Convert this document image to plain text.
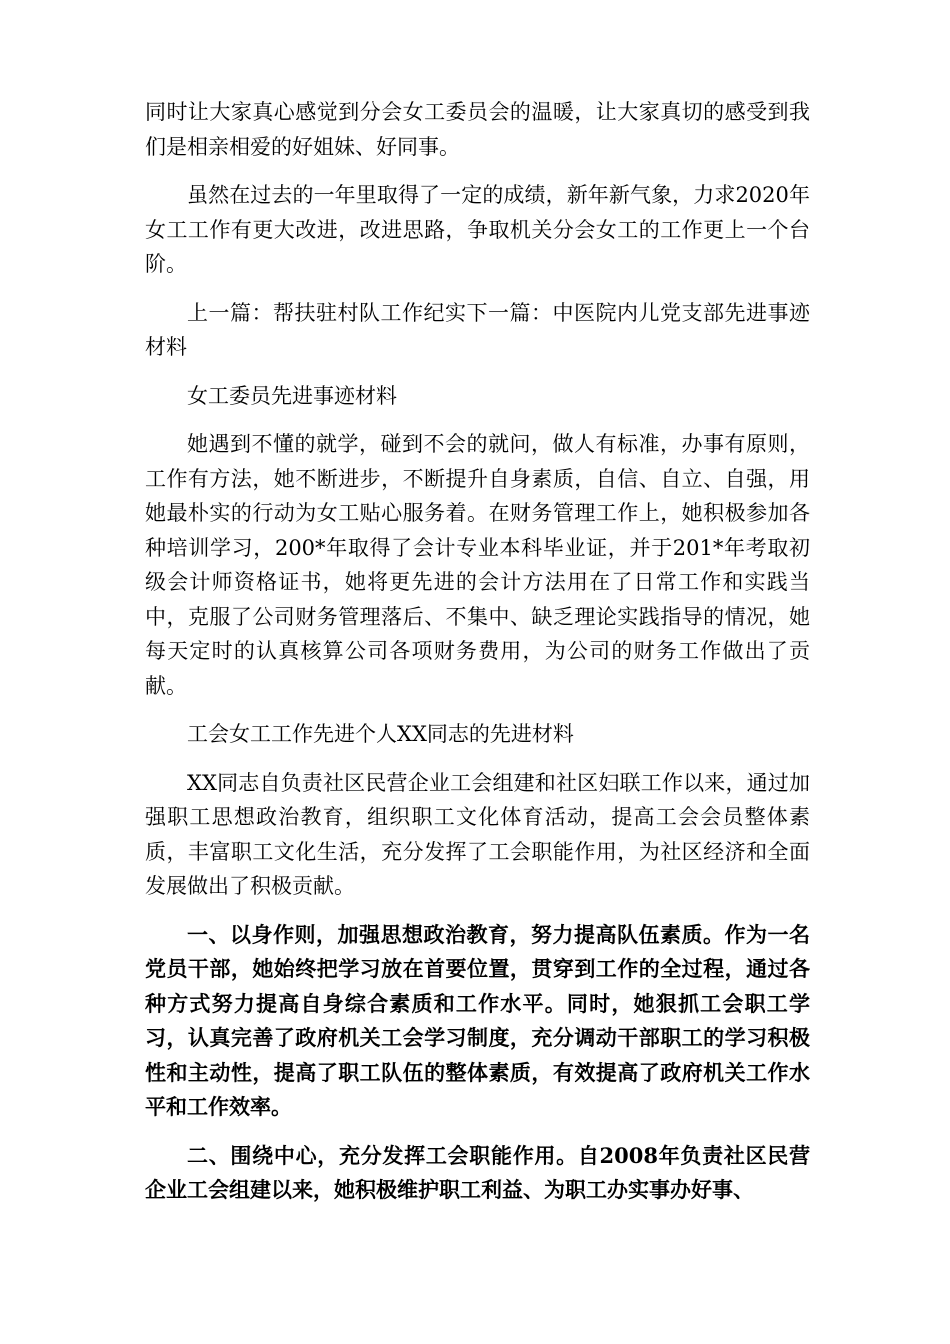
同时让大家真心感觉到分会女工委员会的温暖，让大家真切的感受到我们是相亲相爱的好姐妹、好同事。

虽然在过去的一年里取得了一定的成绩，新年新气象，力求2020年女工工作有更大改进，改进思路，争取机关分会女工的工作更上一个台阶。

上一篇：帮扶驻村队工作纪实下一篇：中医院内儿党支部先进事迹材料

女工委员先进事迹材料

她遇到不懂的就学，碰到不会的就问，做人有标准，办事有原则，工作有方法，她不断进步，不断提升自身素质，自信、自立、自强，用她最朴实的行动为女工贴心服务着。在财务管理工作上，她积极参加各种培训学习，200*年取得了会计专业本科毕业证，并于201*年考取初级会计师资格证书，她将更先进的会计方法用在了日常工作和实践当中，克服了公司财务管理落后、不集中、缺乏理论实践指导的情况，她每天定时的认真核算公司各项财务费用，为公司的财务工作做出了贡献。

工会女工工作先进个人XX同志的先进材料

XX同志自负责社区民营企业工会组建和社区妇联工作以来，通过加强职工思想政治教育，组织职工文化体育活动，提高工会会员整体素质，丰富职工文化生活，充分发挥了工会职能作用，为社区经济和全面发展做出了积极贡献。

一、以身作则，加强思想政治教育，努力提高队伍素质。作为一名党员干部，她始终把学习放在首要位置，贯穿到工作的全过程，通过各种方式努力提高自身综合素质和工作水平。同时，她狠抓工会职工学习，认真完善了政府机关工会学习制度，充分调动干部职工的学习积极性和主动性，提高了职工队伍的整体素质，有效提高了政府机关工作水平和工作效率。

二、围绕中心，充分发挥工会职能作用。自2008年负责社区民营企业工会组建以来，她积极维护职工利益、为职工办实事办好事、
